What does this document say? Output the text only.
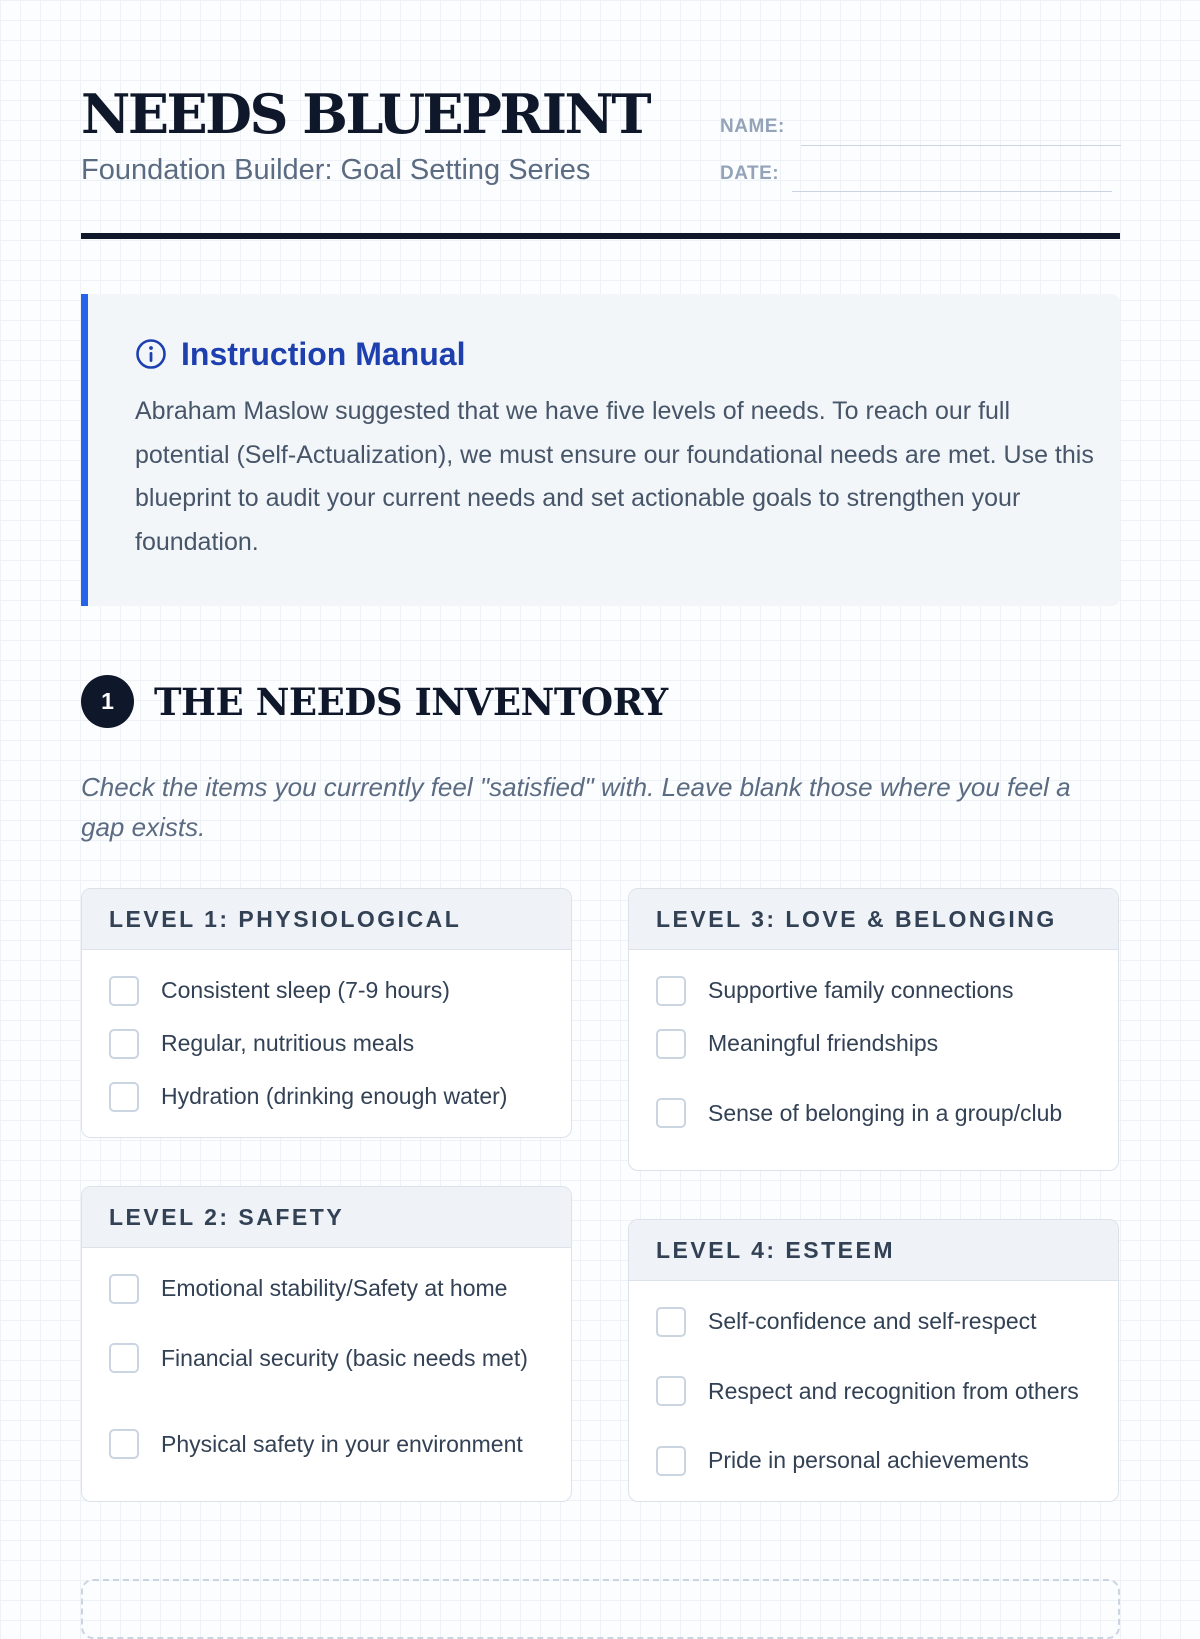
NEEDS BLUEPRINT
Foundation Builder: Goal Setting Series
NAME:
DATE:
Instruction Manual

Abraham Maslow suggested that we have five levels of needs. To reach our full potential (Self-Actualization), we must ensure our foundational needs are met. Use this blueprint to audit your current needs and set actionable goals to strengthen your foundation.

1	THE NEEDS INVENTORY

Check the items you currently feel "satisfied" with. Leave blank those where you feel a gap exists.

LEVEL 1: PHYSIOLOGICAL
Consistent sleep (7-9 hours)
Regular, nutritious meals
Hydration (drinking enough water)
LEVEL 2: SAFETY
Emotional stability/Safety at home
Financial security (basic needs met)
Physical safety in your environment
LEVEL 3: LOVE & BELONGING
Supportive family connections
Meaningful friendships
Sense of belonging in a group/club
LEVEL 4: ESTEEM
Self-confidence and self-respect
Respect and recognition from others
Pride in personal achievements
